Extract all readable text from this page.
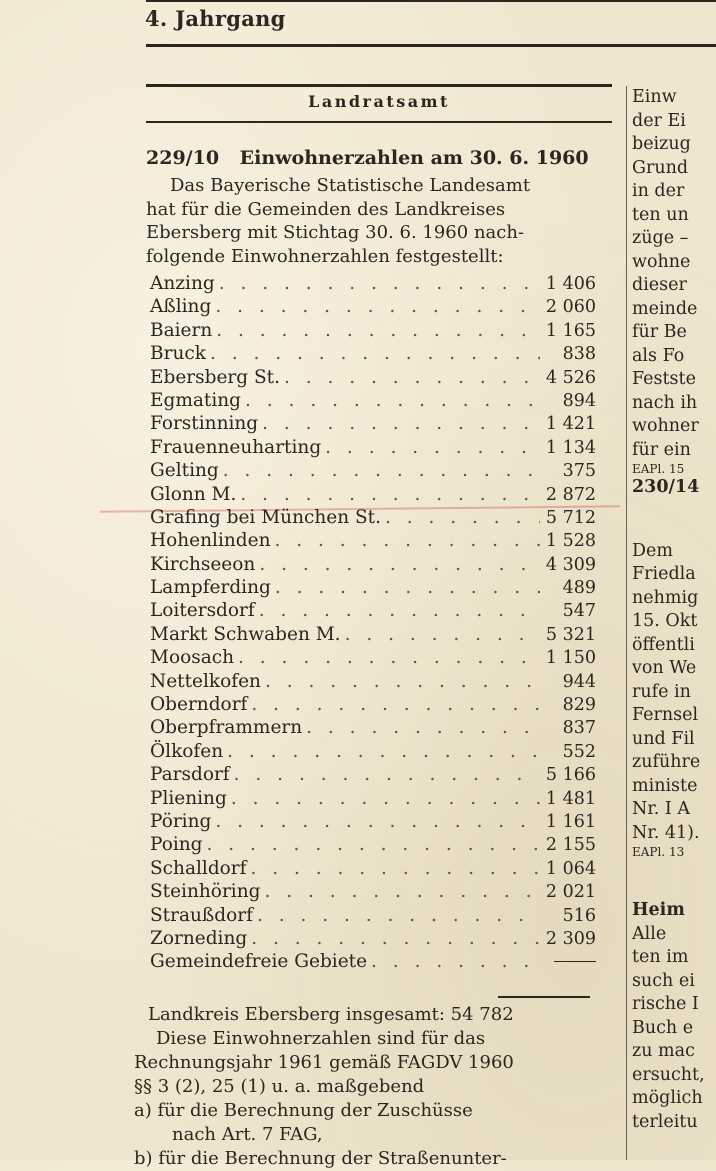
4. Jahrgang
Landratsamt
229/10 Einwohnerzahlen am 30. 6. 1960
Das Bayerische Statistische Landesamt
hat für die Gemeinden des Landkreises
Ebersberg mit Stichtag 30. 6. 1960 nach-
folgende Einwohnerzahlen festgestellt:
Anzing . . .	1 406
Aßling . . .	2 060
Baiern . . .	1 165
Bruck . . .	838
Ebersberg St. . . .	4 526
Egmating . . .	894
Forstinning . . .	1 421
Frauenneuharting . . .	1 134
Gelting . . .	375
Glonn M. . . .	2 872
Grafing bei München St. . . .	5 712
Hohenlinden . . .	1 528
Kirchseeon . . .	4 309
Lampferding . . .	489
Loitersdorf . . .	547
Markt Schwaben M. . . .	5 321
Moosach . . .	1 150
Nettelkofen . . .	944
Oberndorf . . .	829
Oberpframmern . . .	837
Ölkofen . . .	552
Parsdorf . . .	5 166
Pliening . . .	1 481
Pöring . . .	1 161
Poing . . .	2 155
Schalldorf . . .	1 064
Steinhöring . . .	2 021
Straußdorf . . .	516
Zorneding . . .	2 309
Gemeindefreie Gebiete
. . .
Landkreis Ebersberg insgesamt: 54 782
Diese Einwohnerzahlen sind für das
Rechnungsjahr 1961 gemäß FAGDV 1960
§§ 3 (2), 25 (1) u. a. maßgebend
a) für die Berechnung der Zuschüsse
nach Art. 7 FAG,
b) für die Berechnung der Straßenunter-
Einw
der Ei
beizug
Grund
in der
ten un
züge –
wohne
dieser
meinde
für Be
als Fo
Festste
nach ih
wohner
für ein
EAPl. 15
230/14
Dem
Friedla
nehmig
15. Okt
öffentli
von We
rufe in
Fernsel
und Fil
zuführe
ministe
Nr. I A
Nr. 41).
EAPl. 13
Heim
Alle
ten im
such ei
rische I
Buch e
zu mac
ersucht,
möglich
terleitu
